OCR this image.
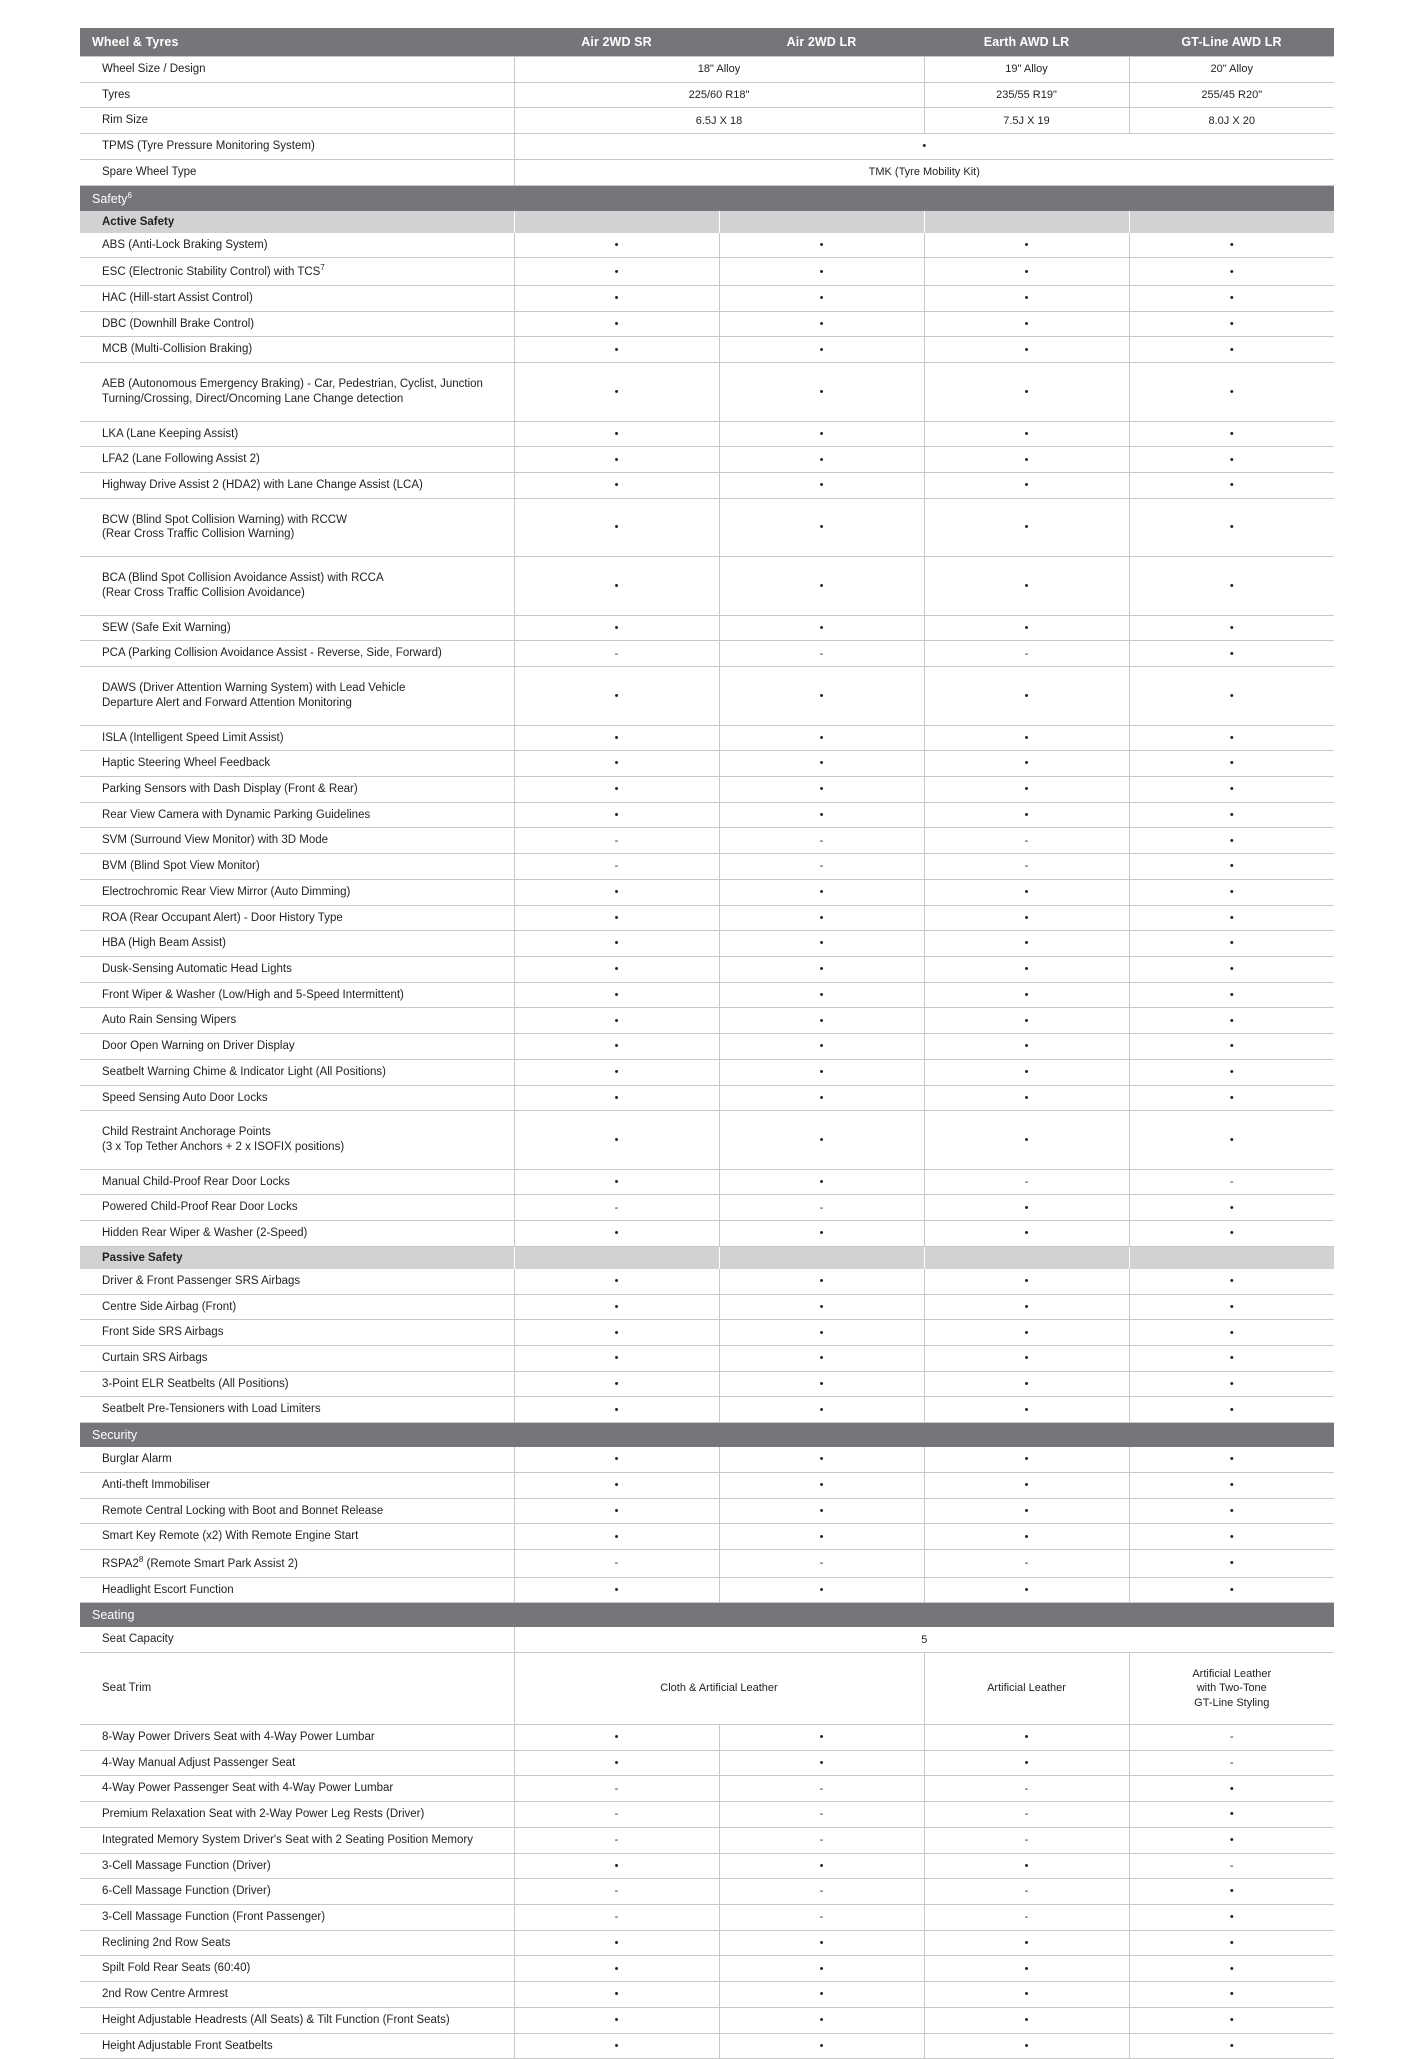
Wheel & Tyres	Air 2WD SR	Air 2WD LR	Earth AWD LR	GT-Line AWD LR
Wheel Size / Design	18" Alloy		19" Alloy	20" Alloy
Tyres	225/60 R18"		235/55 R19"	255/45 R20"
Rim Size	6.5J X 18		7.5J X 19	8.0J X 20
TPMS (Tyre Pressure Monitoring System)	•			
Spare Wheel Type	TMK (Tyre Mobility Kit)			
Safety$^6$
Active Safety				
ABS (Anti-Lock Braking System)	•	•	•	•
ESC (Electronic Stability Control) with TCS$^7$	•	•	•	•
HAC (Hill-start Assist Control)	•	•	•	•
DBC (Downhill Brake Control)	•	•	•	•
MCB (Multi-Collision Braking)	•	•	•	•
AEB (Autonomous Emergency Braking) - Car, Pedestrian, Cyclist, Junction Turning/Crossing, Direct/Oncoming Lane Change detection	•	•	•	•
LKA (Lane Keeping Assist)	•	•	•	•
LFA2 (Lane Following Assist 2)	•	•	•	•
Highway Drive Assist 2 (HDA2) with Lane Change Assist (LCA)	•	•	•	•
BCW (Blind Spot Collision Warning) with RCCW
(Rear Cross Traffic Collision Warning)	•	•	•	•
BCA (Blind Spot Collision Avoidance Assist) with RCCA
(Rear Cross Traffic Collision Avoidance)	•	•	•	•
SEW (Safe Exit Warning)	•	•	•	•
PCA (Parking Collision Avoidance Assist - Reverse, Side, Forward)	-	-	-	•
DAWS (Driver Attention Warning System) with Lead Vehicle
Departure Alert and Forward Attention Monitoring	•	•	•	•
ISLA (Intelligent Speed Limit Assist)	•	•	•	•
Haptic Steering Wheel Feedback	•	•	•	•
Parking Sensors with Dash Display (Front & Rear)	•	•	•	•
Rear View Camera with Dynamic Parking Guidelines	•	•	•	•
SVM (Surround View Monitor) with 3D Mode	-	-	-	•
BVM (Blind Spot View Monitor)	-	-	-	•
Electrochromic Rear View Mirror (Auto Dimming)	•	•	•	•
ROA (Rear Occupant Alert) - Door History Type	•	•	•	•
HBA (High Beam Assist)	•	•	•	•
Dusk-Sensing Automatic Head Lights	•	•	•	•
Front Wiper & Washer (Low/High and 5-Speed Intermittent)	•	•	•	•
Auto Rain Sensing Wipers	•	•	•	•
Door Open Warning on Driver Display	•	•	•	•
Seatbelt Warning Chime & Indicator Light (All Positions)	•	•	•	•
Speed Sensing Auto Door Locks	•	•	•	•
Child Restraint Anchorage Points
(3 x Top Tether Anchors + 2 x ISOFIX positions)	•	•	•	•
Manual Child-Proof Rear Door Locks	•	•	-	-
Powered Child-Proof Rear Door Locks	-	-	•	•
Hidden Rear Wiper & Washer (2-Speed)	•	•	•	•
Passive Safety				
Driver & Front Passenger SRS Airbags	•	•	•	•
Centre Side Airbag (Front)	•	•	•	•
Front Side SRS Airbags	•	•	•	•
Curtain SRS Airbags	•	•	•	•
3-Point ELR Seatbelts (All Positions)	•	•	•	•
Seatbelt Pre-Tensioners with Load Limiters	•	•	•	•
Security				
Burglar Alarm	•	•	•	•
Anti-theft Immobiliser	•	•	•	•
Remote Central Locking with Boot and Bonnet Release	•	•	•	•
Smart Key Remote (x2) With Remote Engine Start	•	•	•	•
$RSPA2^8$ (Remote Smart Park Assist 2)	-	-	-	•
Headlight Escort Function	•	•	•	•
Seating				
Seat Capacity	5			
Seat Trim	Cloth & Artificial Leather		Artificial Leather	Artificial Leather
with Two-Tone
GT-Line Styling
8-Way Power Drivers Seat with 4-Way Power Lumbar	•	•	•	-
4-Way Manual Adjust Passenger Seat	•	•	•	-
4-Way Power Passenger Seat with 4-Way Power Lumbar	-	-	-	•
Premium Relaxation Seat with 2-Way Power Leg Rests (Driver)	-	-	-	•
Integrated Memory System Driver's Seat with 2 Seating Position Memory	-	-	-	•
3-Cell Massage Function (Driver)	•	•	•	-
6-Cell Massage Function (Driver)	-	-	-	•
3-Cell Massage Function (Front Passenger)	-	-	-	•
Reclining 2nd Row Seats	•	•	•	•
Spilt Fold Rear Seats (60:40)	•	•	•	•
2nd Row Centre Armrest	•	•	•	•
Height Adjustable Headrests (All Seats) & Tilt Function (Front Seats)	•	•	•	•
Height Adjustable Front Seatbelts	•	•	•	•
